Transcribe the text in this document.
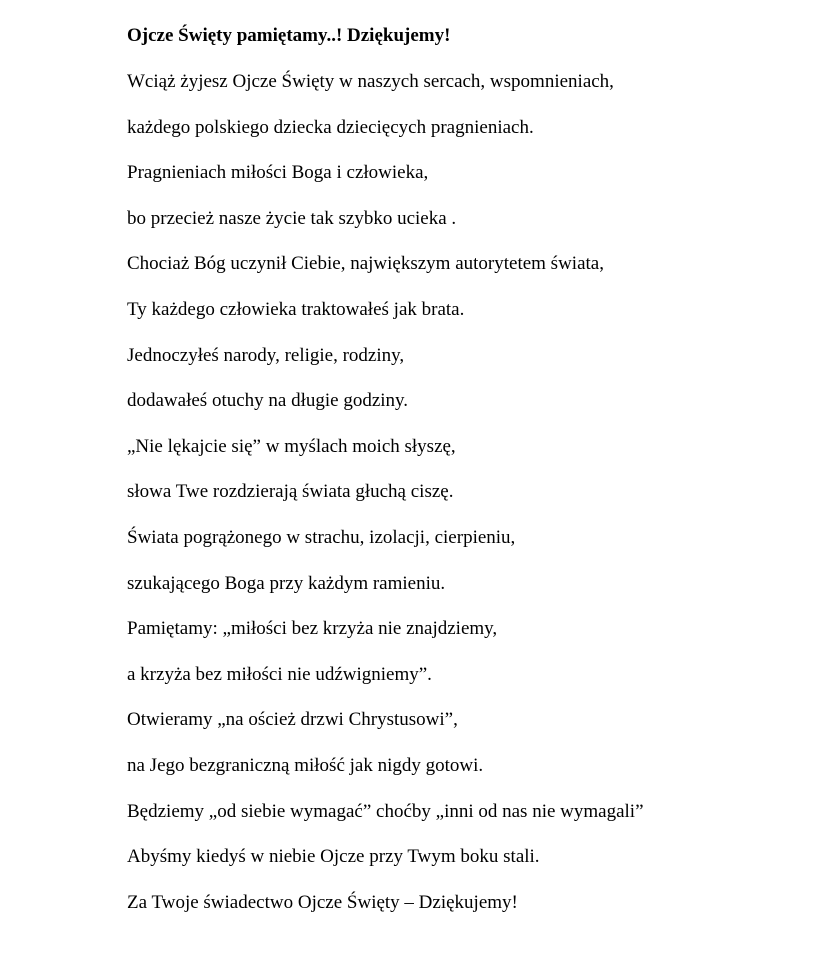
Ojcze Święty pamiętamy..! Dziękujemy!

Wciąż żyjesz Ojcze Święty w naszych sercach, wspomnieniach,

każdego polskiego dziecka dziecięcych pragnieniach.

Pragnieniach miłości Boga i człowieka,

bo przecież nasze życie tak szybko ucieka .

Chociaż Bóg uczynił Ciebie, największym autorytetem świata,

Ty każdego człowieka traktowałeś jak brata.

Jednoczyłeś narody, religie, rodziny,

dodawałeś otuchy na długie godziny.

„Nie lękajcie się” w myślach moich słyszę,

słowa Twe rozdzierają świata głuchą ciszę.

Świata pogrążonego w strachu, izolacji, cierpieniu,

szukającego Boga przy każdym ramieniu.

Pamiętamy: „miłości bez krzyża nie znajdziemy,

a krzyża bez miłości nie udźwigniemy”.

Otwieramy „na oścież drzwi Chrystusowi”,

na Jego bezgraniczną miłość jak nigdy gotowi.

Będziemy „od siebie wymagać” choćby „inni od nas nie wymagali”

Abyśmy kiedyś w niebie Ojcze przy Twym boku stali.

Za Twoje świadectwo Ojcze Święty – Dziękujemy!
